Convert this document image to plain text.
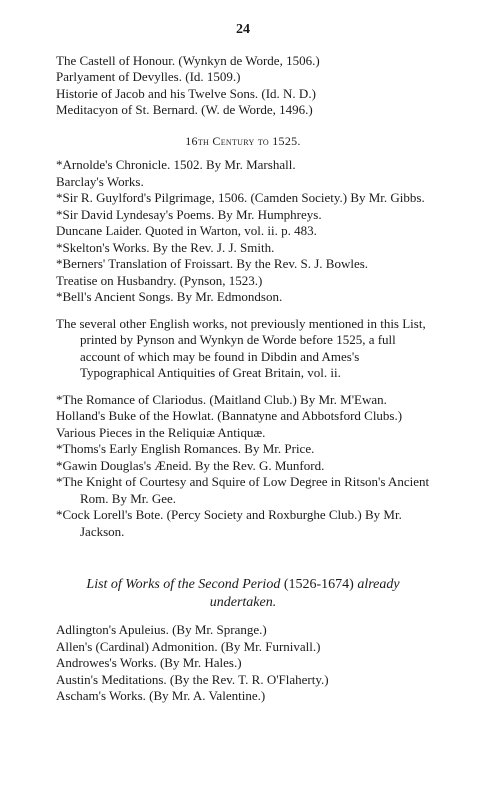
24

The Castell of Honour. (Wynkyn de Worde, 1506.)

Parlyament of Devylles. (Id. 1509.)

Historie of Jacob and his Twelve Sons. (Id. N. D.)

Meditacyon of St. Bernard. (W. de Worde, 1496.)

16th Century to 1525.

*Arnolde's Chronicle. 1502. By Mr. Marshall.

Barclay's Works.

*Sir R. Guylford's Pilgrimage, 1506. (Camden Society.) By Mr. Gibbs.

*Sir David Lyndesay's Poems. By Mr. Humphreys.

Duncane Laider. Quoted in Warton, vol. ii. p. 483.

*Skelton's Works. By the Rev. J. J. Smith.

*Berners' Translation of Froissart. By the Rev. S. J. Bowles.

Treatise on Husbandry. (Pynson, 1523.)

*Bell's Ancient Songs. By Mr. Edmondson.

The several other English works, not previously mentioned in this List, printed by Pynson and Wynkyn de Worde before 1525, a full account of which may be found in Dibdin and Ames's Typographical Antiquities of Great Britain, vol. ii.

*The Romance of Clariodus. (Maitland Club.) By Mr. M'Ewan.

Holland's Buke of the Howlat. (Bannatyne and Abbotsford Clubs.)

Various Pieces in the Reliquiæ Antiquæ.

*Thoms's Early English Romances. By Mr. Price.

*Gawin Douglas's Æneid. By the Rev. G. Munford.

*The Knight of Courtesy and Squire of Low Degree in Ritson's Ancient Rom. By Mr. Gee.

*Cock Lorell's Bote. (Percy Society and Roxburghe Club.) By Mr. Jackson.

List of Works of the Second Period (1526-1674) already undertaken.

Adlington's Apuleius. (By Mr. Sprange.)

Allen's (Cardinal) Admonition. (By Mr. Furnivall.)

Androwes's Works. (By Mr. Hales.)

Austin's Meditations. (By the Rev. T. R. O'Flaherty.)

Ascham's Works. (By Mr. A. Valentine.)
